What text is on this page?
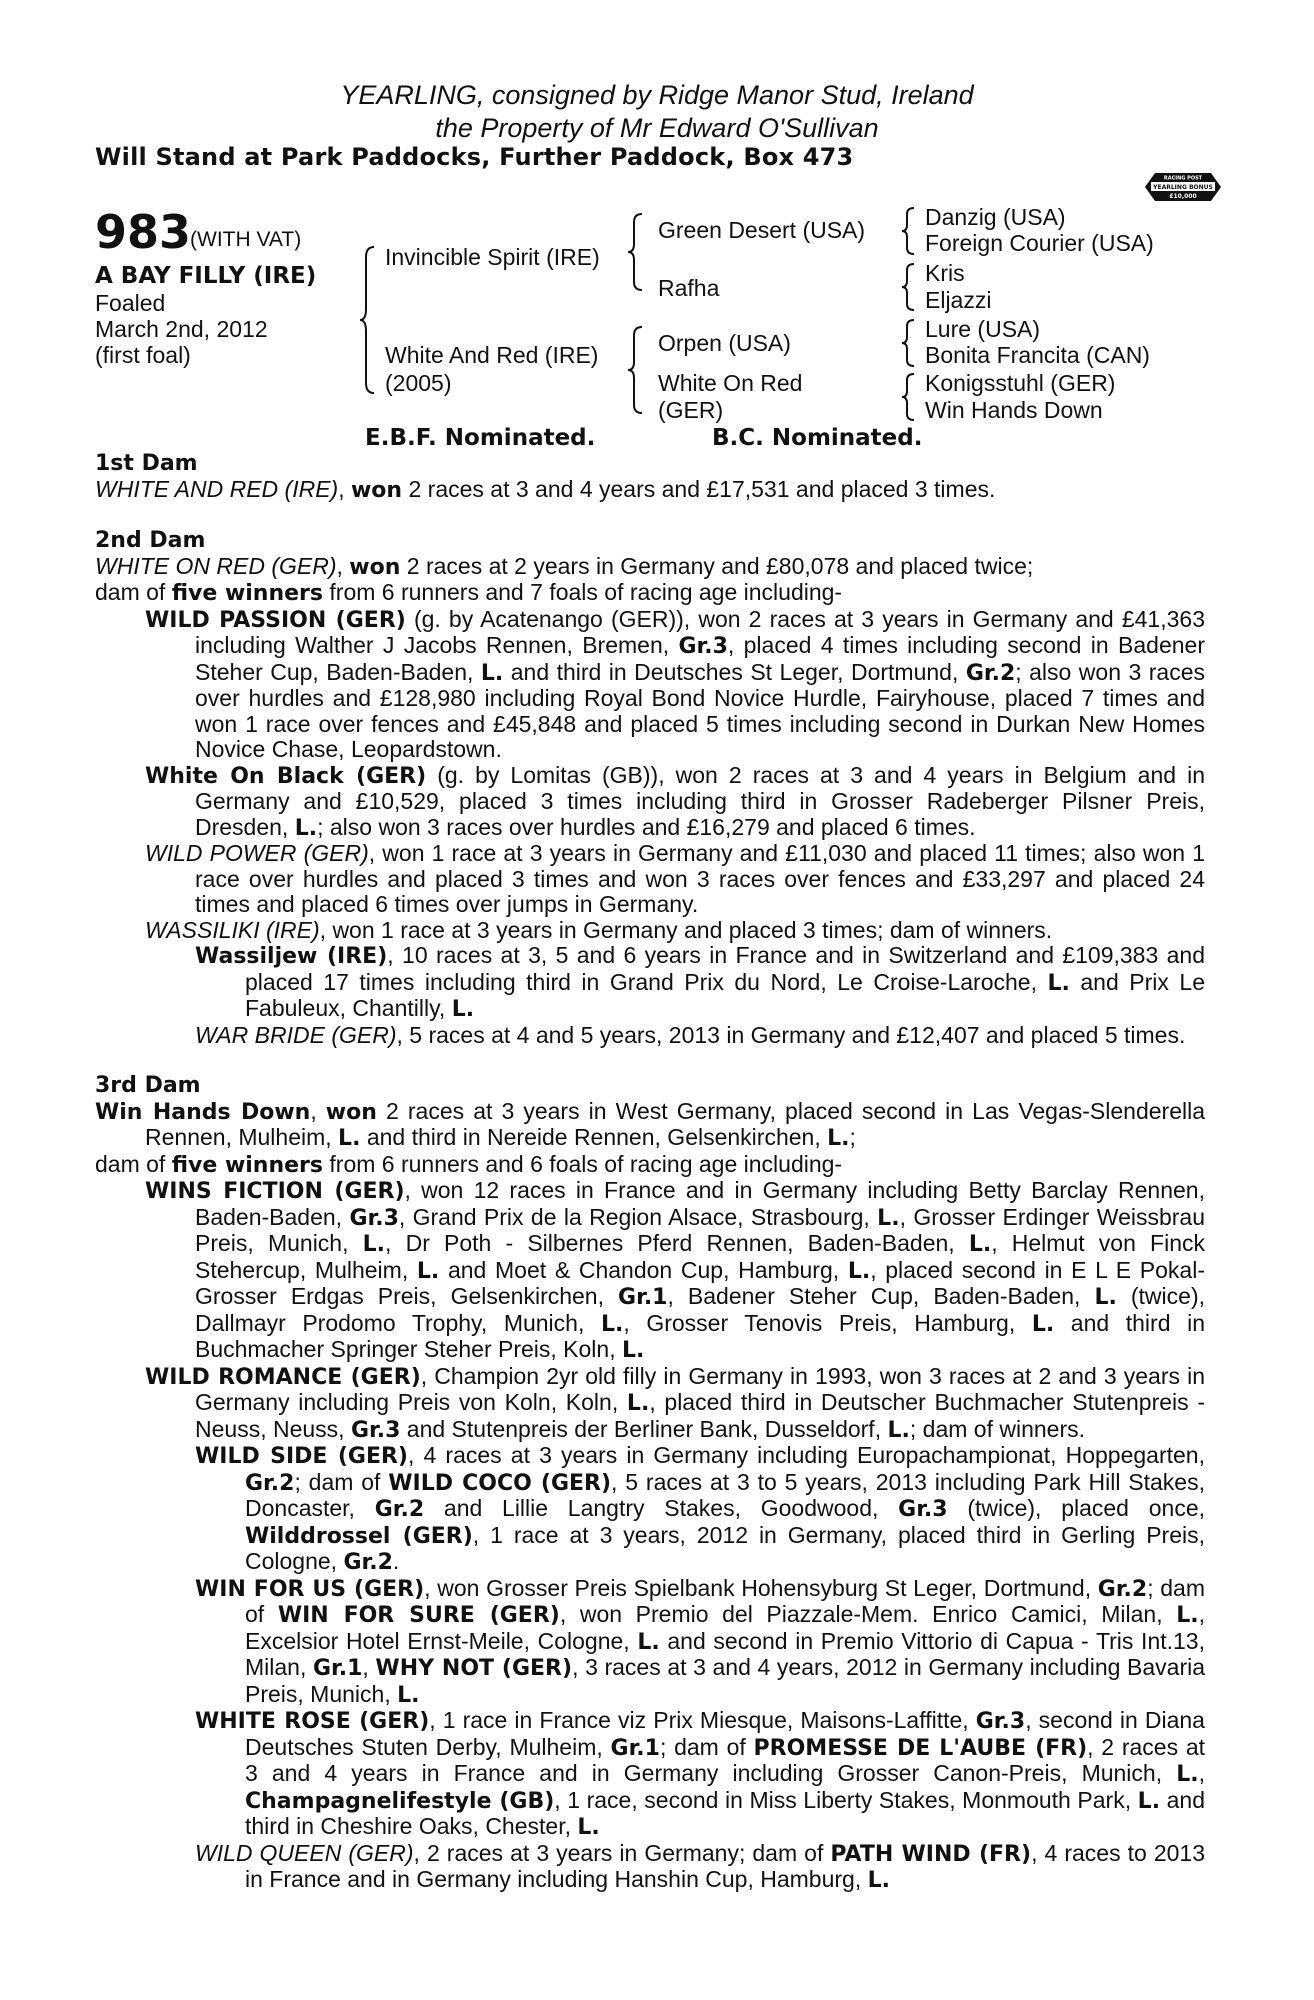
YEARLING, consigned by Ridge Manor Stud, Ireland
the Property of Mr Edward O'Sullivan
Will Stand at Park Paddocks, Further Paddock, Box 473
RACING POST
YEARLING BONUS
£10,000
983
(WITH VAT)
A BAY FILLY (IRE)
Foaled
March 2nd, 2012
(first foal)
Invincible Spirit (IRE)
White And Red (IRE)
(2005)
Green Desert (USA)
Rafha
Orpen (USA)
White On Red
(GER)
Danzig (USA)
Foreign Courier (USA)
Kris
Eljazzi
Lure (USA)
Bonita Francita (CAN)
Konigsstuhl (GER)
Win Hands Down
E.B.F. Nominated.	B.C. Nominated.

1st Dam

WHITE AND RED (IRE), won 2 races at 3 and 4 years and £17,531 and placed 3 times.

2nd Dam

WHITE ON RED (GER), won 2 races at 2 years in Germany and £80,078 and placed twice;

dam of five winners from 6 runners and 7 foals of racing age including-

WILD PASSION (GER) (g. by Acatenango (GER)), won 2 races at 3 years in Germany and £41,363 including Walther J Jacobs Rennen, Bremen, Gr.3, placed 4 times including second in Badener Steher Cup, Baden-Baden, L. and third in Deutsches St Leger, Dortmund, Gr.2; also won 3 races over hurdles and £128,980 including Royal Bond Novice Hurdle, Fairyhouse, placed 7 times and won 1 race over fences and £45,848 and placed 5 times including second in Durkan New Homes Novice Chase, Leopardstown.

White On Black (GER) (g. by Lomitas (GB)), won 2 races at 3 and 4 years in Belgium and in Germany and £10,529, placed 3 times including third in Grosser Radeberger Pilsner Preis, Dresden, L.; also won 3 races over hurdles and £16,279 and placed 6 times.

WILD POWER (GER), won 1 race at 3 years in Germany and £11,030 and placed 11 times; also won 1 race over hurdles and placed 3 times and won 3 races over fences and £33,297 and placed 24 times and placed 6 times over jumps in Germany.

WASSILIKI (IRE), won 1 race at 3 years in Germany and placed 3 times; dam of winners.

Wassiljew (IRE), 10 races at 3, 5 and 6 years in France and in Switzerland and £109,383 and placed 17 times including third in Grand Prix du Nord, Le Croise-Laroche, L. and Prix Le Fabuleux, Chantilly, L.

WAR BRIDE (GER), 5 races at 4 and 5 years, 2013 in Germany and £12,407 and placed 5 times.

3rd Dam

Win Hands Down, won 2 races at 3 years in West Germany, placed second in Las Vegas-Slenderella Rennen, Mulheim, L. and third in Nereide Rennen, Gelsenkirchen, L.;

dam of five winners from 6 runners and 6 foals of racing age including-

WINS FICTION (GER), won 12 races in France and in Germany including Betty Barclay Rennen, Baden-Baden, Gr.3, Grand Prix de la Region Alsace, Strasbourg, L., Grosser Erdinger Weissbrau Preis, Munich, L., Dr Poth - Silbernes Pferd Rennen, Baden-Baden, L., Helmut von Finck Stehercup, Mulheim, L. and Moet & Chandon Cup, Hamburg, L., placed second in E L E Pokal-Grosser Erdgas Preis, Gelsenkirchen, Gr.1, Badener Steher Cup, Baden-Baden, L. (twice), Dallmayr Prodomo Trophy, Munich, L., Grosser Tenovis Preis, Hamburg, L. and third in Buchmacher Springer Steher Preis, Koln, L.

WILD ROMANCE (GER), Champion 2yr old filly in Germany in 1993, won 3 races at 2 and 3 years in Germany including Preis von Koln, Koln, L., placed third in Deutscher Buchmacher Stutenpreis - Neuss, Neuss, Gr.3 and Stutenpreis der Berliner Bank, Dusseldorf, L.; dam of winners.

WILD SIDE (GER), 4 races at 3 years in Germany including Europachampionat, Hoppegarten, Gr.2; dam of WILD COCO (GER), 5 races at 3 to 5 years, 2013 including Park Hill Stakes, Doncaster, Gr.2 and Lillie Langtry Stakes, Goodwood, Gr.3 (twice), placed once, Wilddrossel (GER), 1 race at 3 years, 2012 in Germany, placed third in Gerling Preis, Cologne, Gr.2.

WIN FOR US (GER), won Grosser Preis Spielbank Hohensyburg St Leger, Dortmund, Gr.2; dam of WIN FOR SURE (GER), won Premio del Piazzale-Mem. Enrico Camici, Milan, L., Excelsior Hotel Ernst-Meile, Cologne, L. and second in Premio Vittorio di Capua - Tris Int.13, Milan, Gr.1, WHY NOT (GER), 3 races at 3 and 4 years, 2012 in Germany including Bavaria Preis, Munich, L.

WHITE ROSE (GER), 1 race in France viz Prix Miesque, Maisons-Laffitte, Gr.3, second in Diana Deutsches Stuten Derby, Mulheim, Gr.1; dam of PROMESSE DE L'AUBE (FR), 2 races at 3 and 4 years in France and in Germany including Grosser Canon-Preis, Munich, L., Champagnelifestyle (GB), 1 race, second in Miss Liberty Stakes, Monmouth Park, L. and third in Cheshire Oaks, Chester, L.

WILD QUEEN (GER), 2 races at 3 years in Germany; dam of PATH WIND (FR), 4 races to 2013 in France and in Germany including Hanshin Cup, Hamburg, L.
